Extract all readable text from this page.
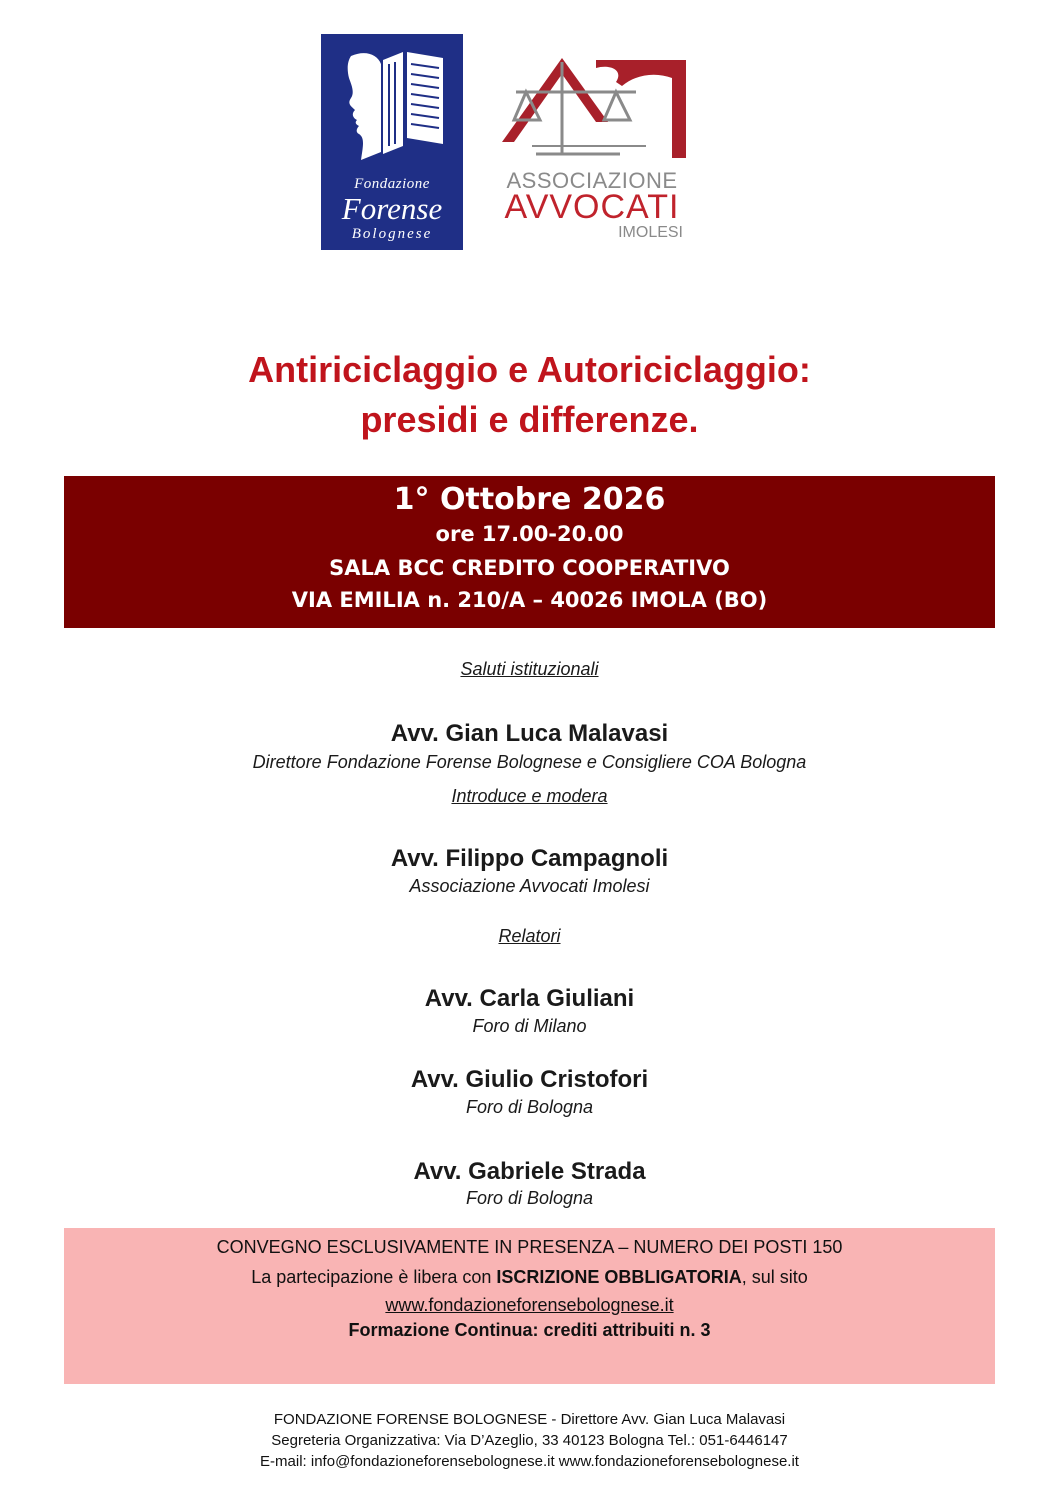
Fondazione
Forense
Bolognese
ASSOCIAZIONE
AVVOCATI
IMOLESI
Antiriciclaggio e Autoriciclaggio:
presidi e differenze.
1° Ottobre 2026
ore 17.00-20.00
SALA BCC CREDITO COOPERATIVO
VIA EMILIA n. 210/A – 40026 IMOLA (BO)
Saluti istituzionali
Avv. Gian Luca Malavasi
Direttore Fondazione Forense Bolognese e Consigliere COA Bologna
Introduce e modera
Avv. Filippo Campagnoli
Associazione Avvocati Imolesi
Relatori
Avv. Carla Giuliani
Foro di Milano
Avv. Giulio Cristofori
Foro di Bologna
Avv. Gabriele Strada
Foro di Bologna
CONVEGNO ESCLUSIVAMENTE IN PRESENZA – NUMERO DEI POSTI 150
La partecipazione è libera con ISCRIZIONE OBBLIGATORIA, sul sito
www.fondazioneforensebolognese.it
Formazione Continua: crediti attribuiti n. 3
FONDAZIONE FORENSE BOLOGNESE - Direttore Avv. Gian Luca Malavasi
Segreteria Organizzativa: Via D’Azeglio, 33 40123 Bologna Tel.: 051-6446147
E-mail: info@fondazioneforensebolognese.it www.fondazioneforensebolognese.it
